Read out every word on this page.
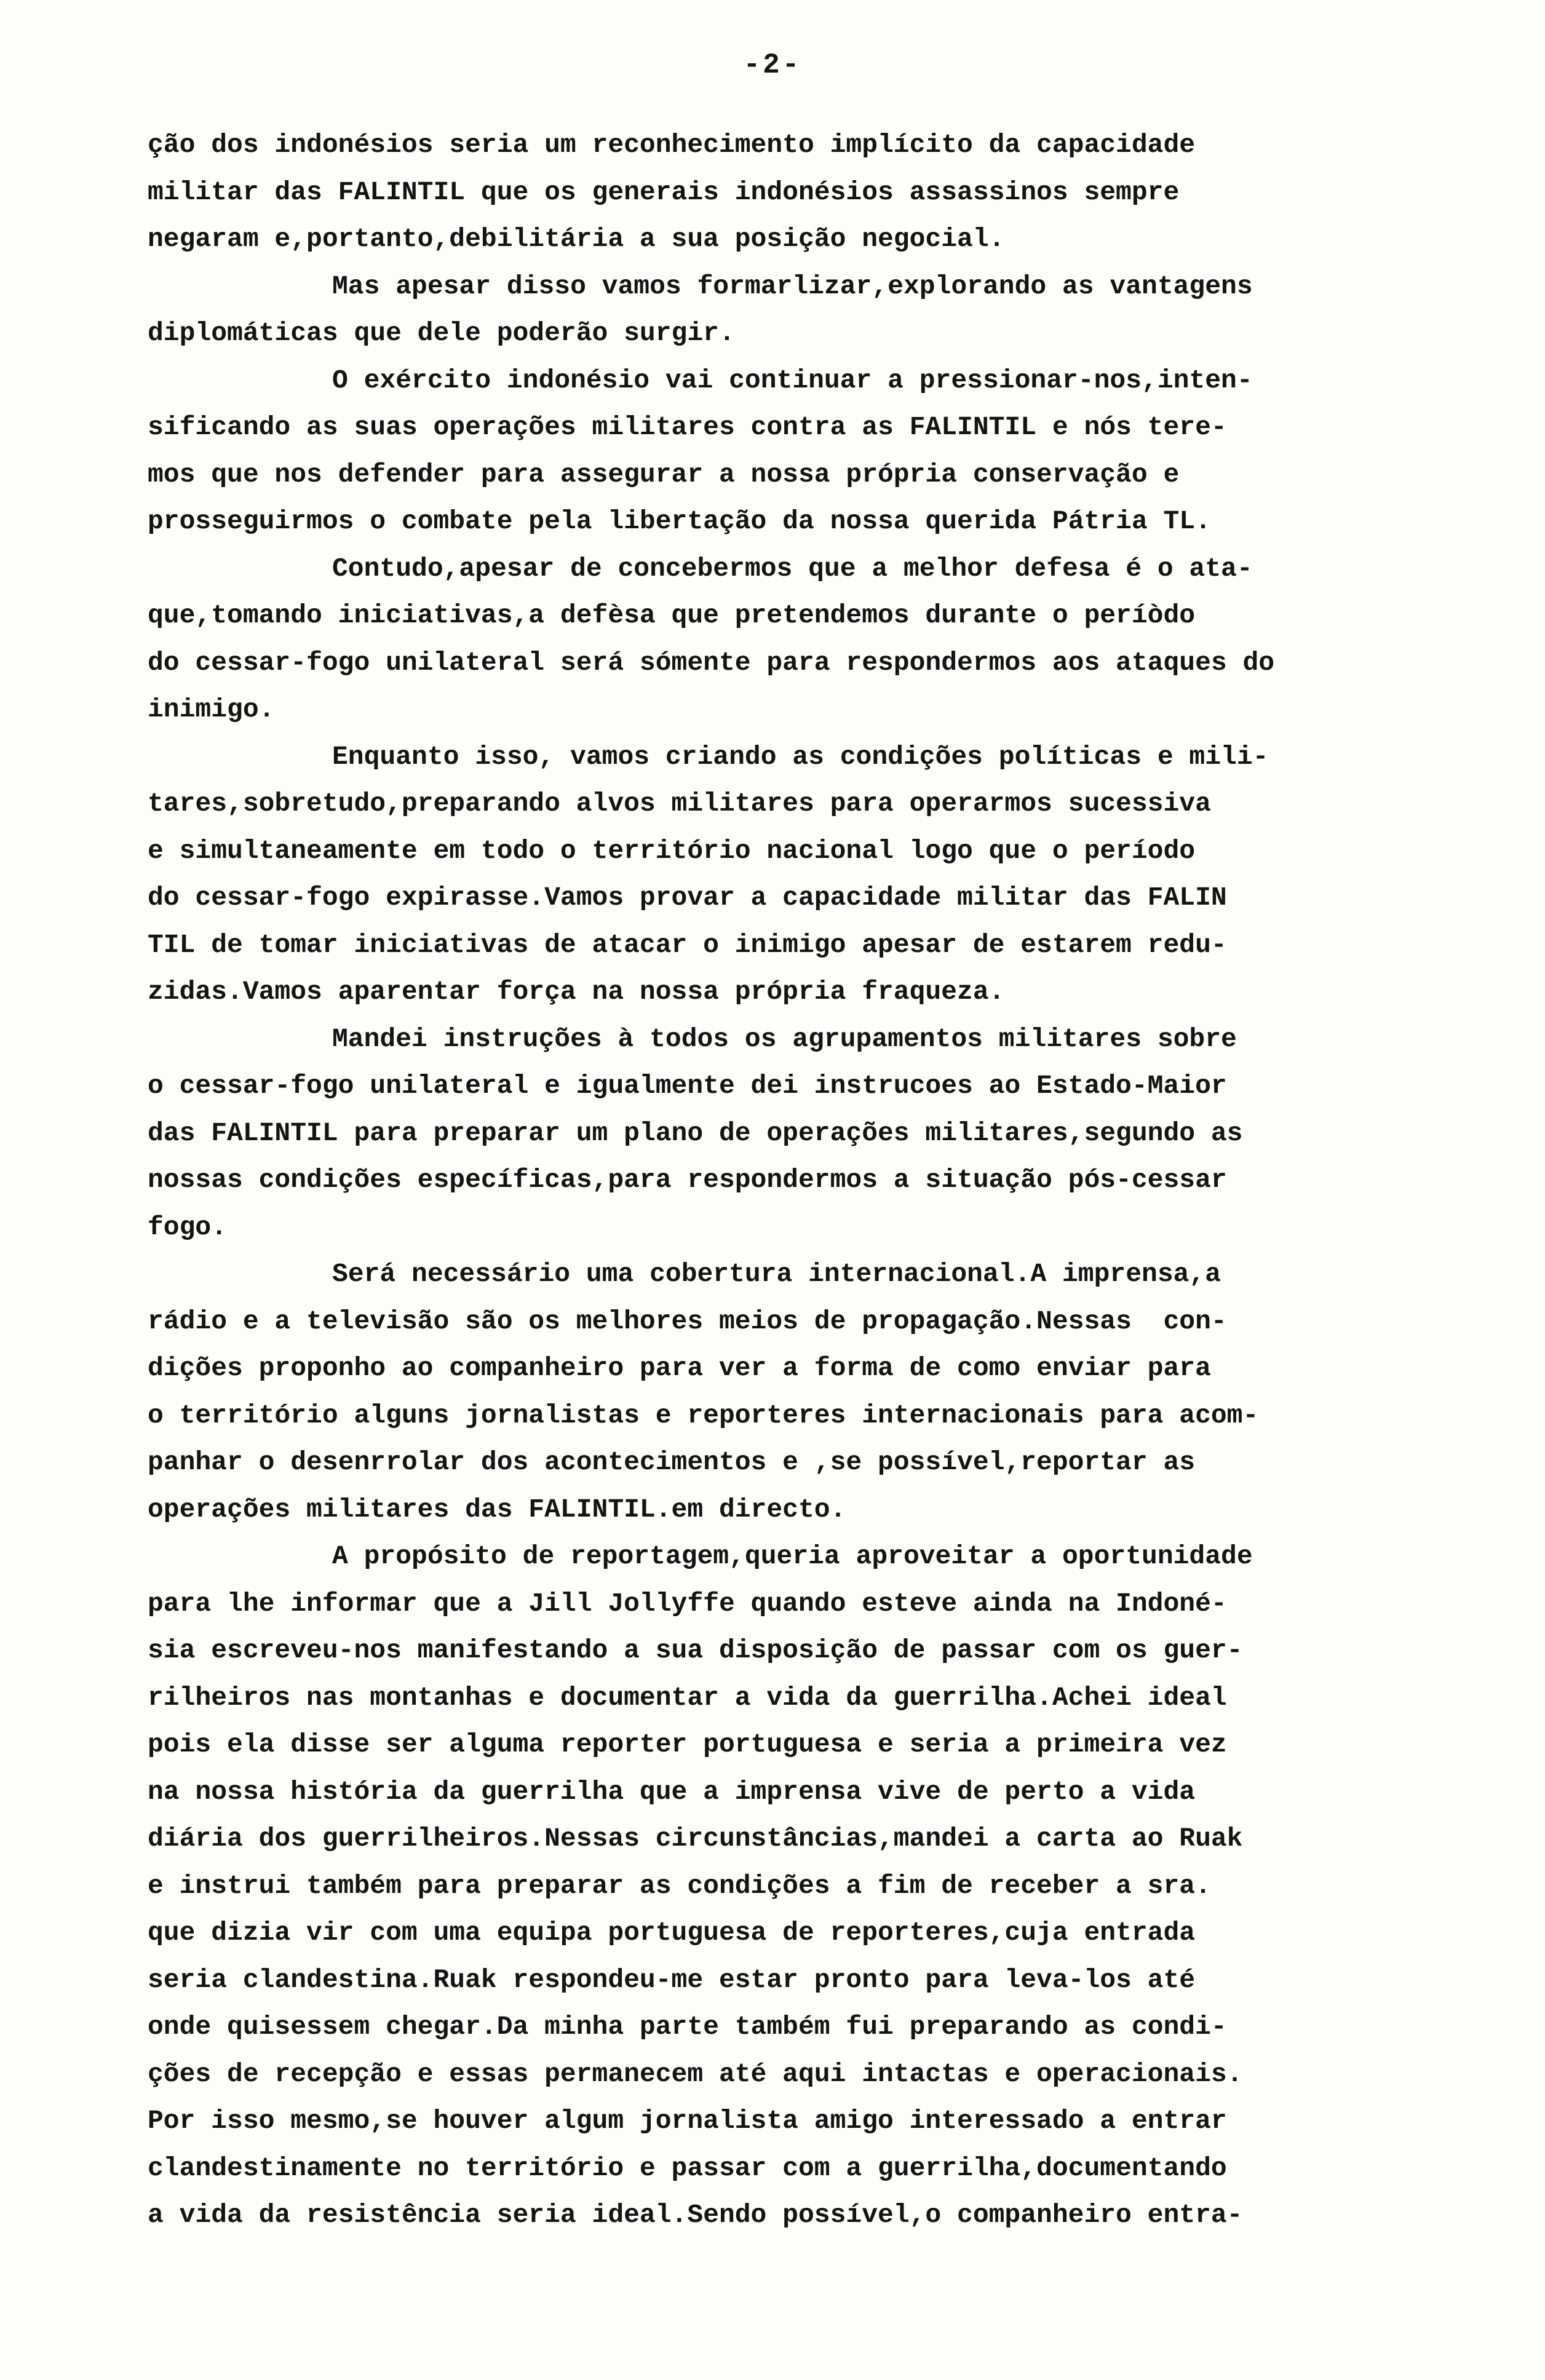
-2-
ção dos indonésios seria um reconhecimento implícito da capacidade
militar das FALINTIL que os generais indonésios assassinos sempre
negaram e,portanto,debilitária a sua posição negocial.
Mas apesar disso vamos formarlizar,explorando as vantagens
diplomáticas que dele poderão surgir.
O exército indonésio vai continuar a pressionar-nos,inten-
sificando as suas operações militares contra as FALINTIL e nós tere-
mos que nos defender para assegurar a nossa própria conservação e
prosseguirmos o combate pela libertação da nossa querida Pátria TL.
Contudo,apesar de concebermos que a melhor defesa é o ata-
que,tomando iniciativas,a defèsa que pretendemos durante o períòdo
do cessar-fogo unilateral será sómente para respondermos aos ataques do
inimigo.
Enquanto isso, vamos criando as condições políticas e mili-
tares,sobretudo,preparando alvos militares para operarmos sucessiva
e simultaneamente em todo o território nacional logo que o período
do cessar-fogo expirasse.Vamos provar a capacidade militar das FALIN
TIL de tomar iniciativas de atacar o inimigo apesar de estarem redu-
zidas.Vamos aparentar força na nossa própria fraqueza.
Mandei instruções à todos os agrupamentos militares sobre
o cessar-fogo unilateral e igualmente dei instrucoes ao Estado-Maior
das FALINTIL para preparar um plano de operações militares,segundo as
nossas condições específicas,para respondermos a situação pós-cessar
fogo.
Será necessário uma cobertura internacional.A imprensa,a
rádio e a televisão são os melhores meios de propagação.Nessas  con-
dições proponho ao companheiro para ver a forma de como enviar para
o território alguns jornalistas e reporteres internacionais para acom-
panhar o desenrrolar dos acontecimentos e ,se possível,reportar as
operações militares das FALINTIL.em directo.
A propósito de reportagem,queria aproveitar a oportunidade
para lhe informar que a Jill Jollyffe quando esteve ainda na Indoné-
sia escreveu-nos manifestando a sua disposição de passar com os guer-
rilheiros nas montanhas e documentar a vida da guerrilha.Achei ideal
pois ela disse ser alguma reporter portuguesa e seria a primeira vez
na nossa história da guerrilha que a imprensa vive de perto a vida
diária dos guerrilheiros.Nessas circunstâncias,mandei a carta ao Ruak
e instrui também para preparar as condições a fim de receber a sra.
que dizia vir com uma equipa portuguesa de reporteres,cuja entrada
seria clandestina.Ruak respondeu-me estar pronto para leva-los até
onde quisessem chegar.Da minha parte também fui preparando as condi-
ções de recepção e essas permanecem até aqui intactas e operacionais.
Por isso mesmo,se houver algum jornalista amigo interessado a entrar
clandestinamente no território e passar com a guerrilha,documentando
a vida da resistência seria ideal.Sendo possível,o companheiro entra-
